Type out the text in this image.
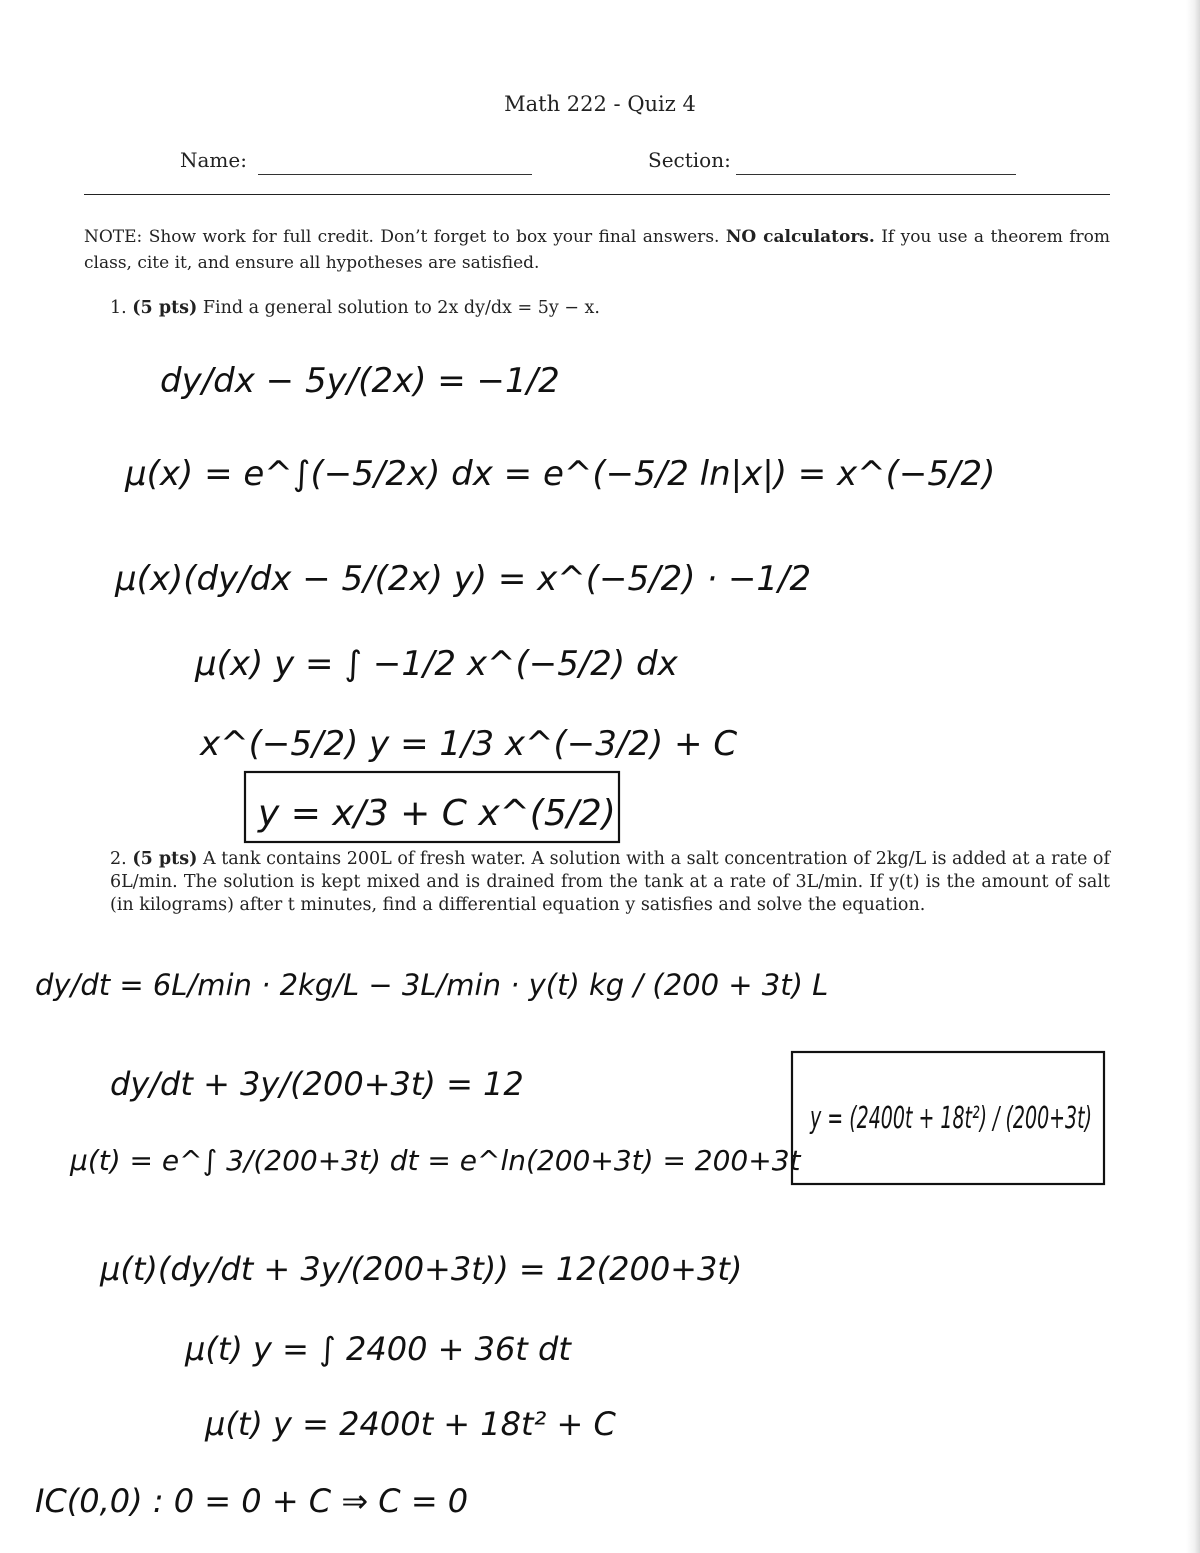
Math 222 - Quiz 4
Name:	Section:
NOTE: Show work for full credit. Don’t forget to box your final answers. NO calculators. If you use a theorem from class, cite it, and ensure all hypotheses are satisfied.
1. (5 pts) Find a general solution to 2x dy/dx = 5y − x.
2. (5 pts) A tank contains 200L of fresh water. A solution with a salt concentration of 2kg/L is added at a rate of 6L/min. The solution is kept mixed and is drained from the tank at a rate of 3L/min. If y(t) is the amount of salt (in kilograms) after t minutes, find a differential equation y satisfies and solve the equation.
dy/dx − 5y/(2x) = −1/2
μ(x) = e^∫(−5/2x) dx = e^(−5/2 ln|x|) = x^(−5/2)
μ(x)(dy/dx − 5/(2x) y) = x^(−5/2) · −1/2
μ(x) y = ∫ −1/2 x^(−5/2) dx
x^(−5/2) y = 1/3 x^(−3/2) + C
y = x/3 + C x^(5/2)
dy/dt = 6L/min · 2kg/L − 3L/min · y(t) kg / (200 + 3t) L
dy/dt + 3y/(200+3t) = 12
μ(t) = e^∫ 3/(200+3t) dt = e^ln(200+3t) = 200+3t
y = (2400t + 18t²) / (200+3t)
μ(t)(dy/dt + 3y/(200+3t)) = 12(200+3t)
μ(t) y = ∫ 2400 + 36t dt
μ(t) y = 2400t + 18t² + C
IC(0,0) : 0 = 0 + C ⇒ C = 0
